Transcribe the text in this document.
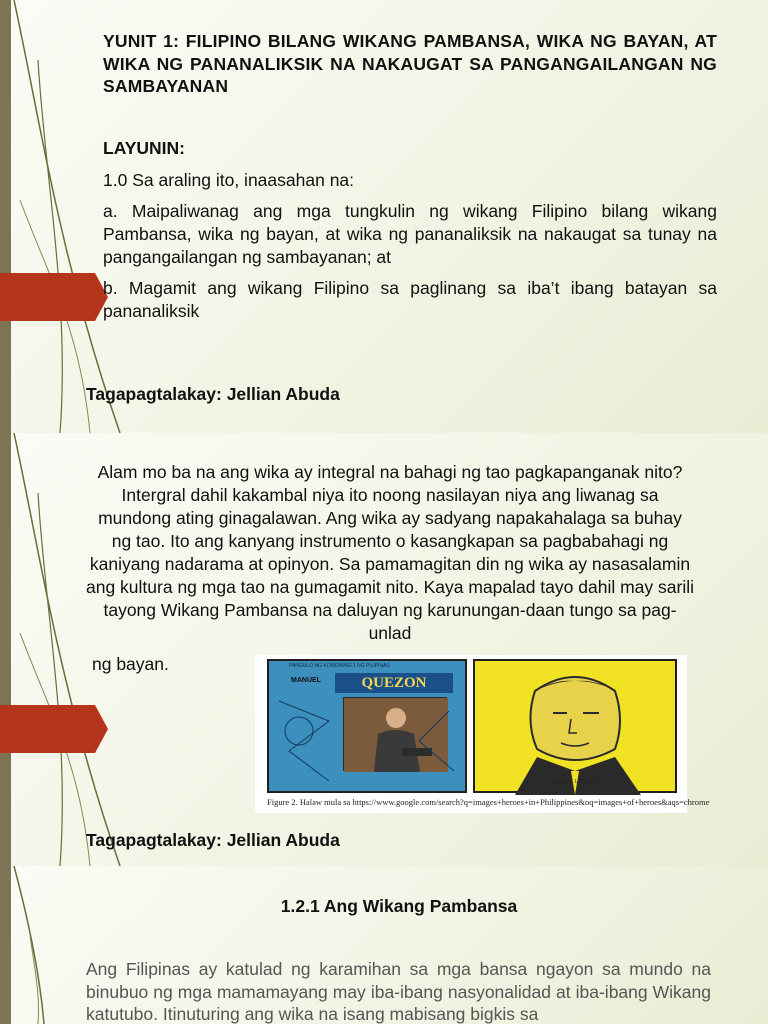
YUNIT 1: FILIPINO BILANG WIKANG PAMBANSA, WIKA NG BAYAN, AT WIKA NG PANANALIKSIK NA NAKAUGAT SA PANGANGAILANGAN NG SAMBAYANAN
LAYUNIN:
1.0 Sa araling ito, inaasahan na:
a. Maipaliwanag ang mga tungkulin ng wikang Filipino bilang wikang Pambansa, wika ng bayan, at wika ng pananaliksik na nakaugat sa tunay na pangangailangan ng sambayanan; at
b. Magamit ang wikang Filipino sa paglinang sa iba’t ibang batayan sa pananaliksik
Tagapagtalakay: Jellian Abuda
Alam mo ba na ang wika ay integral na bahagi ng tao pagkapanganak nito? Intergral dahil kakambal niya ito noong nasilayan niya ang liwanag sa mundong ating ginagalawan. Ang wika ay sadyang napakahalaga sa buhay ng tao. Ito ang kanyang instrumento o kasangkapan sa pagbabahagi ng kaniyang nadarama at opinyon. Sa pamamagitan din ng wika ay nasasalamin ang kultura ng mga tao na gumagamit nito. Kaya mapalad tayo dahil may sarili tayong Wikang Pambansa na daluyan ng karunungan-daan tungo sa pag-unlad
ng bayan.	PANGULO NG KOMONWELT NG PILIPINAS
MANUEL	QUEZON
MANUEL L. QUEZON
Figure 2. Halaw mula sa https://www.google.com/search?q=images+heroes+in+Philippines&oq=images+of+heroes&aqs=chrome
Tagapagtalakay: Jellian Abuda
1.2.1 Ang Wikang Pambansa
Ang Filipinas ay katulad ng karamihan sa mga bansa ngayon sa mundo na binubuo ng mga mamamayang may iba-ibang nasyonalidad at iba-ibang Wikang katutubo. Itinuturing ang wika na isang mabisang bigkis sa
